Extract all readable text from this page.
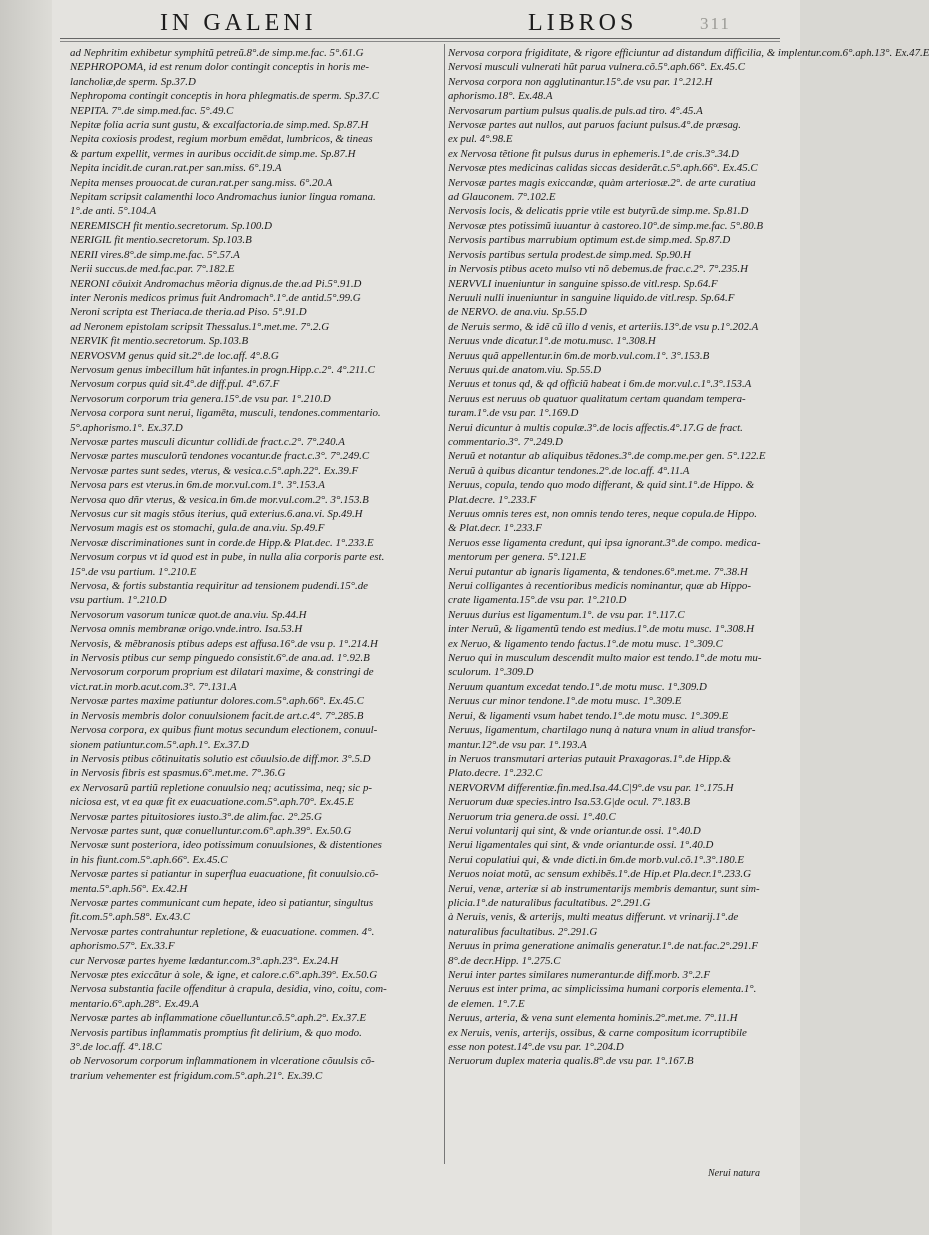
IN GALENI	LIBROS	311
ad Nephritim exhibetur symphitũ petreũ.8°.de simp.me.fac. 5°.61.G
NEPHROPOMA, id est renum dolor contingit conceptis in horis me-
lancholiæ,de sperm. Sp.37.D
Nephropoma contingit conceptis in hora phlegmatis.de sperm. Sp.37.C
NEPITA. 7°.de simp.med.fac. 5°.49.C
Nepitæ folia acria sunt gustu, & excalfactoria.de simp.med. Sp.87.H
Nepita coxiosis prodest, regium morbum emēdat, lumbricos, & tineas
& partum expellit, vermes in auribus occidit.de simp.me. Sp.87.H
Nepita incidit.de curan.rat.per san.miss. 6°.19.A
Nepita menses prouocat.de curan.rat.per sang.miss. 6°.20.A
Nepitam scripsit calamenthi loco Andromachus iunior lingua romana.
1°.de anti. 5°.104.A
NEREMISCH fit mentio.secretorum. Sp.100.D
NERIGIL fit mentio.secretorum. Sp.103.B
NERII vires.8°.de simp.me.fac. 5°.57.A
Nerii succus.de med.fac.par. 7°.182.E
NERONI cōuixit Andromachus mẽoria dignus.de the.ad Pi.5°.91.D
inter Neronis medicos primus fuit Andromach°.1°.de antid.5°.99.G
Neroni scripta est Theriaca.de theria.ad Piso. 5°.91.D
ad Neronem epistolam scripsit Thessalus.1°.met.me. 7°.2.G
NERVIK fit mentio.secretorum. Sp.103.B
NERVOSVM genus quid sit.2°.de loc.aff. 4°.8.G
Nervosum genus imbecillum hũt infantes.in progn.Hipp.c.2°. 4°.211.C
Nervosum corpus quid sit.4°.de diff.pul. 4°.67.F
Nervosorum corporum tria genera.15°.de vsu par. 1°.210.D
Nervosa corpora sunt nerui, ligamēta, musculi, tendones.commentario.
5°.aphorismo.1°. Ex.37.D
Nervosæ partes musculi dicuntur collidi.de fract.c.2°. 7°.240.A
Nervosæ partes musculorũ tendones vocantur.de fract.c.3°. 7°.249.C
Nervosæ partes sunt sedes, vterus, & vesica.c.5°.aph.22°. Ex.39.F
Nervosa pars est vterus.in 6m.de mor.vul.com.1°. 3°.153.A
Nervosa quo dñr vterus, & vesica.in 6m.de mor.vul.com.2°. 3°.153.B
Nervosus cur sit magis stõus iterius, quã exterius.6.ana.vi. Sp.49.H
Nervosum magis est os stomachi, gula.de ana.viu. Sp.49.F
Nervosæ discriminationes sunt in corde.de Hipp.& Plat.dec. 1°.233.E
Nervosum corpus vt id quod est in pube, in nulla alia corporis parte est.
15°.de vsu partium. 1°.210.E
Nervosa, & fortis substantia requiritur ad tensionem pudendi.15°.de
vsu partium. 1°.210.D
Nervosorum vasorum tunicæ quot.de ana.viu. Sp.44.H
Nervosa omnis membranæ origo.vnde.intro. Isa.53.H
Nervosis, & mẽbranosis ptibus adeps est affusa.16°.de vsu p. 1°.214.H
in Nervosis ptibus cur semp pinguedo consistit.6°.de ana.ad. 1°.92.B
Nervosorum corporum proprium est dilatari maxime, & constringi de
vict.rat.in morb.acut.com.3°. 7°.131.A
Nervosæ partes maxime patiuntur dolores.com.5°.aph.66°. Ex.45.C
in Nervosis membris dolor conuulsionem facit.de art.c.4°. 7°.285.B
Nervosa corpora, ex quibus fiunt motus secundum electionem, conuul-
sionem patiuntur.com.5°.aph.1°. Ex.37.D
in Nervosis ptibus cõtinuitatis solutio est cõuulsio.de diff.mor. 3°.5.D
in Nervosis fibris est spasmus.6°.met.me. 7°.36.G
ex Nervosarũ partiũ repletione conuulsio neq; acutissima, neq; sic p-
niciosa est, vt ea quæ fit ex euacuatione.com.5°.aph.70°. Ex.45.E
Nervosæ partes pituitosiores iusto.3°.de alim.fac. 2°.25.G
Nervosæ partes sunt, quæ conuelluntur.com.6°.aph.39°. Ex.50.G
Nervosæ sunt posteriora, ideo potissimum conuulsiones, & distentiones
in his fiunt.com.5°.aph.66°. Ex.45.C
Nervosæ partes si patiantur in superflua euacuatione, fit conuulsio.cõ-
menta.5°.aph.56°. Ex.42.H
Nervosæ partes communicant cum hepate, ideo si patiantur, singultus
fit.com.5°.aph.58°. Ex.43.C
Nervosæ partes contrahuntur repletione, & euacuatione. commen. 4°.
aphorismo.57°. Ex.33.F
cur Nervosæ partes hyeme lædantur.com.3°.aph.23°. Ex.24.H
Nervosæ ptes exiccãtur à sole, & igne, et calore.c.6°.aph.39°. Ex.50.G
Nervosa substantia facile offenditur à crapula, desidia, vino, coitu, com-
mentario.6°.aph.28°. Ex.49.A
Nervosæ partes ab inflammatione cõuelluntur.cõ.5°.aph.2°. Ex.37.E
Nervosis partibus inflammatis promptius fit delirium, & quo modo.
3°.de loc.aff. 4°.18.C
ob Nervosorum corporum inflammationem in vlceratione cõuulsis cõ-
trarium vehementer est frigidum.com.5°.aph.21°. Ex.39.C
Nervosa corpora frigiditate, & rigore efficiuntur ad distandum difficilia, & implentur.com.6°.aph.13°. Ex.47.E
Nervosi musculi vulnerati hũt parua vulnera.cõ.5°.aph.66°. Ex.45.C
Nervosa corpora non agglutinantur.15°.de vsu par. 1°.212.H
aphorismo.18°. Ex.48.A
Nervosarum partium pulsus qualis.de puls.ad tiro. 4°.45.A
Nervosæ partes aut nullos, aut paruos faciunt pulsus.4°.de præsag.
ex pul. 4°.98.E
ex Nervosa tẽtione fit pulsus durus in ephemeris.1°.de cris.3°.34.D
Nervosæ ptes medicinas calidas siccas desiderãt.c.5°.aph.66°. Ex.45.C
Nervosæ partes magis exiccandæ, quàm arteriosæ.2°. de arte curatiua
ad Glauconem. 7°.102.E
Nervosis locis, & delicatis pprie vtile est butyrũ.de simp.me. Sp.81.D
Nervosæ ptes potissimũ iuuantur à castoreo.10°.de simp.me.fac. 5°.80.B
Nervosis partibus marrubium optimum est.de simp.med. Sp.87.D
Nervosis partibus sertula prodest.de simp.med. Sp.90.H
in Nervosis ptibus aceto mulso vti nõ debemus.de frac.c.2°. 7°.235.H
NERVVLI inueniuntur in sanguine spisso.de vitl.resp. Sp.64.F
Neruuli nulli inueniuntur in sanguine liquido.de vitl.resp. Sp.64.F
de NERVO. de ana.viu. Sp.55.D
de Neruis sermo, & idẽ cũ illo d venis, et arteriis.13°.de vsu p.1°.202.A
Neruus vnde dicatur.1°.de motu.musc. 1°.308.H
Neruus quã appellentur.in 6m.de morb.vul.com.1°. 3°.153.B
Neruus qui.de anatom.viu. Sp.55.D
Neruus et tonus qd, & qd officiũ habeat i 6m.de mor.vul.c.1°.3°.153.A
Neruus est neruus ob quatuor qualitatum certam quandam tempera-
turam.1°.de vsu par. 1°.169.D
Nerui dicuntur à multis copulæ.3°.de locis affectis.4°.17.G de fract.
commentario.3°. 7°.249.D
Neruũ et notantur ab aliquibus tẽdones.3°.de comp.me.per gen. 5°.122.E
Neruũ à quibus dicantur tendones.2°.de loc.aff. 4°.11.A
Neruus, copula, tendo quo modo differant, & quid sint.1°.de Hippo. &
Plat.decre. 1°.233.F
Neruus omnis teres est, non omnis tendo teres, neque copula.de Hippo.
& Plat.decr. 1°.233.F
Neruos esse ligamenta credunt, qui ipsa ignorant.3°.de compo. medica-
mentorum per genera. 5°.121.E
Nerui putantur ab ignaris ligamenta, & tendones.6°.met.me. 7°.38.H
Nerui colligantes à recentioribus medicis nominantur, quæ ab Hippo-
crate ligamenta.15°.de vsu par. 1°.210.D
Neruus durius est ligamentum.1°. de vsu par. 1°.117.C
inter Neruũ, & ligamentũ tendo est medius.1°.de motu musc. 1°.308.H
ex Neruo, & ligamento tendo factus.1°.de motu musc. 1°.309.C
Neruo qui in musculum descendit multo maior est tendo.1°.de motu mu-
sculorum. 1°.309.D
Neruum quantum excedat tendo.1°.de motu musc. 1°.309.D
Neruus cur minor tendone.1°.de motu musc. 1°.309.E
Nerui, & ligamenti vsum habet tendo.1°.de motu musc. 1°.309.E
Neruus, ligamentum, chartilago nunq à natura vnum in aliud transfor-
mantur.12°.de vsu par. 1°.193.A
in Neruos transmutari arterias putauit Praxagoras.1°.de Hipp.&
Plato.decre. 1°.232.C
NERVORVM differentiæ.fin.med.Isa.44.C|9°.de vsu par. 1°.175.H
Neruorum duæ species.intro Isa.53.G|de ocul. 7°.183.B
Neruorum tria genera.de ossi. 1°.40.C
Nerui voluntarij qui sint, & vnde oriantur.de ossi. 1°.40.D
Nerui ligamentales qui sint, & vnde oriantur.de ossi. 1°.40.D
Nerui copulatiui qui, & vnde dicti.in 6m.de morb.vul.cõ.1°.3°.180.E
Neruos noiat motũ, ac sensum exhibẽs.1°.de Hip.et Pla.decr.1°.233.G
Nerui, venæ, arteriæ si ab instrumentarijs membris demantur, sunt sim-
plicia.1°.de naturalibus facultatibus. 2°.291.G
à Neruis, venis, & arterijs, multi meatus differunt. vt vrinarij.1°.de
naturalibus facultatibus. 2°.291.G
Neruus in prima generatione animalis generatur.1°.de nat.fac.2°.291.F
8°.de decr.Hipp. 1°.275.C
Nerui inter partes similares numerantur.de diff.morb. 3°.2.F
Neruus est inter prima, ac simplicissima humani corporis elementa.1°.
de elemen. 1°.7.E
Neruus, arteria, & vena sunt elementa hominis.2°.met.me. 7°.11.H
ex Neruis, venis, arterijs, ossibus, & carne compositum icorruptibile
esse non potest.14°.de vsu par. 1°.204.D
Neruorum duplex materia qualis.8°.de vsu par. 1°.167.B
Nerui natura
